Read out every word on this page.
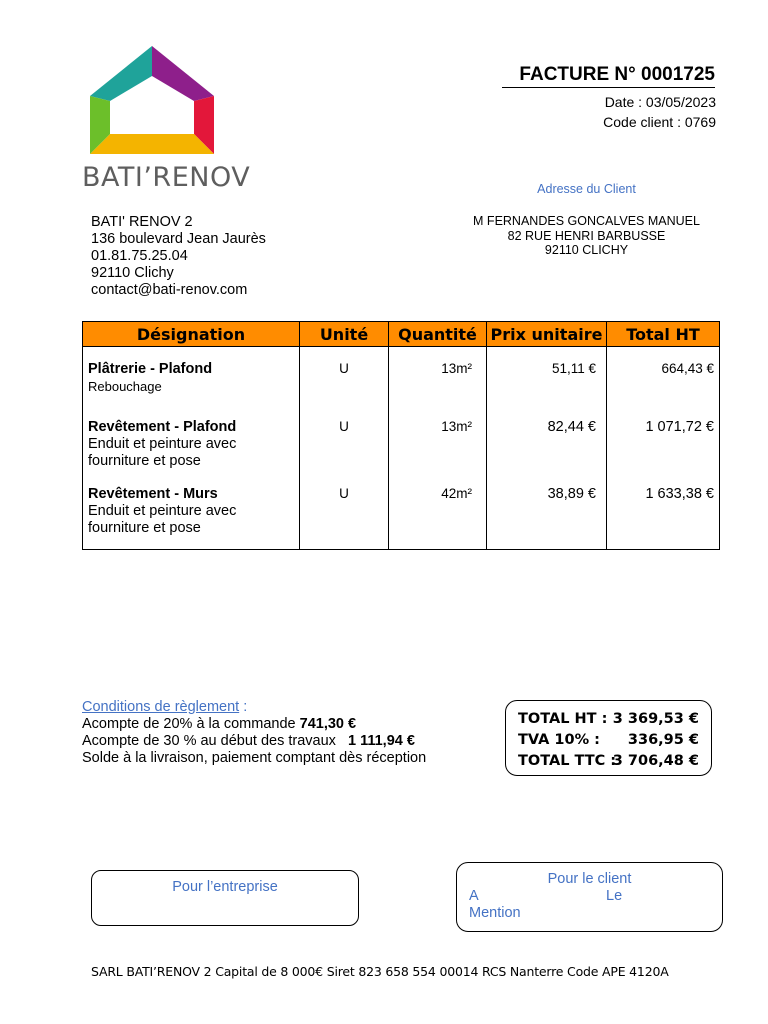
BATI’RENOV
FACTURE N° 0001725
Date : 03/05/2023
Code client : 0769
BATI' RENOV 2
136 boulevard Jean Jaurès
01.81.75.25.04
92110 Clichy
contact@bati-renov.com
Adresse du Client
M FERNANDES GONCALVES MANUEL
82 RUE HENRI BARBUSSE
92110 CLICHY
Désignation	Unité	Quantité	Prix unitaire	Total HT

Plâtrerie - Plafond
Rebouchage	U	13m²	51,11 €	664,43 €

Revêtement - Plafond
Enduit et peinture avec fourniture et pose	U	13m²	82,44 €	1 071,72 €

Revêtement - Murs
Enduit et peinture avec fourniture et pose	U	42m²	38,89 €	1 633,38 €
Conditions de règlement :
Acompte de 20% à la commande 741,30 €
Acompte de 30 % au début des travaux   1 111,94 €
Solde à la livraison, paiement comptant dès réception
TOTAL HT : 3 369,53 €
TVA 10% : 336,95 €
TOTAL TTC :
3 706,48 €
Pour l’entreprise	Pour le client
A	Le
Mention
SARL BATI’RENOV 2 Capital de 8 000€ Siret 823 658 554 00014 RCS Nanterre Code APE 4120A
